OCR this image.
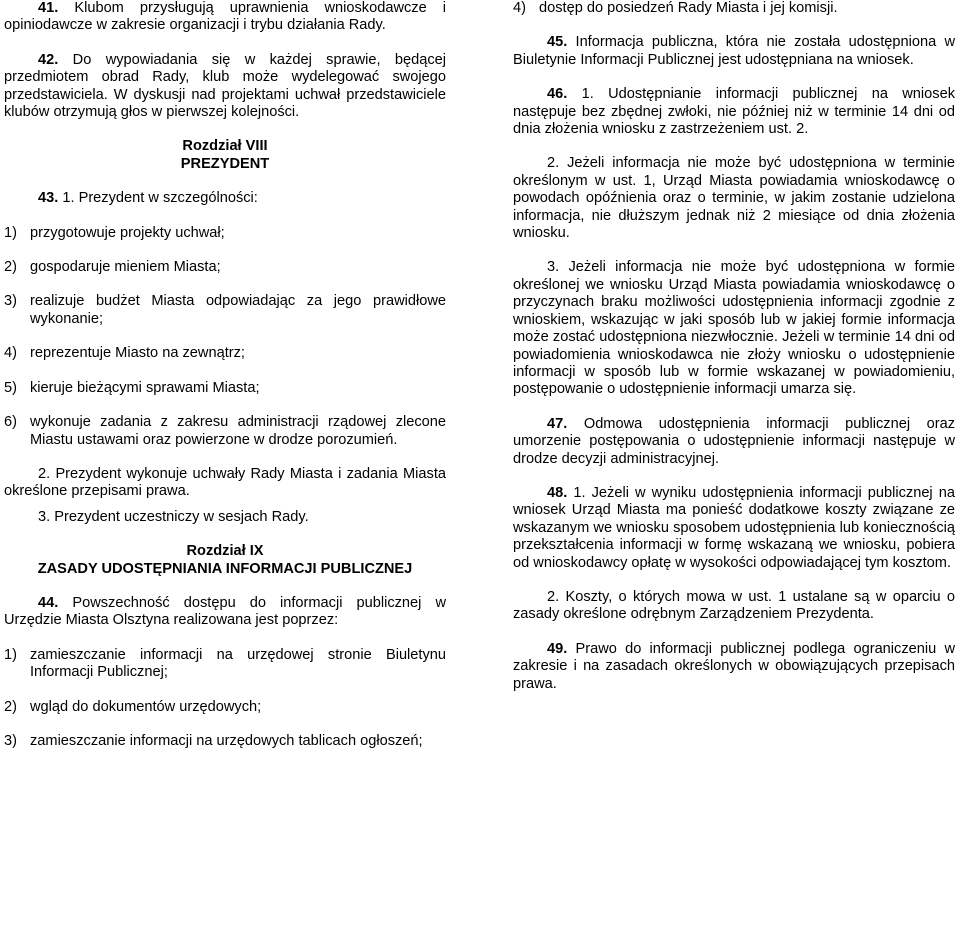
41. Klubom przysługują uprawnienia wnioskodawcze i opiniodawcze w zakresie organizacji i trybu działania Rady.

42. Do wypowiadania się w każdej sprawie, będącej przedmiotem obrad Rady, klub może wydelegować swojego przedstawiciela. W dyskusji nad projektami uchwał przedstawiciele klubów otrzymują głos w pierwszej kolejności.

Rozdział VIII

PREZYDENT

43. 1. Prezydent w szczególności:

1) przygotowuje projekty uchwał;
2) gospodaruje mieniem Miasta;
3) realizuje budżet Miasta odpowiadając za jego prawidłowe wykonanie;
4) reprezentuje Miasto na zewnątrz;
5) kieruje bieżącymi sprawami Miasta;
6) wykonuje zadania z zakresu administracji rządowej zlecone Miastu ustawami oraz powierzone w drodze porozumień.

2. Prezydent wykonuje uchwały Rady Miasta i zadania Miasta określone przepisami prawa.

3. Prezydent uczestniczy w sesjach Rady.

Rozdział IX

ZASADY UDOSTĘPNIANIA INFORMACJI PUBLICZNEJ

44. Powszechność dostępu do informacji publicznej w Urzędzie Miasta Olsztyna realizowana jest poprzez:

1) zamieszczanie informacji na urzędowej stronie Biuletynu Informacji Publicznej;
2) wgląd do dokumentów urzędowych;
3) zamieszczanie informacji na urzędowych tablicach ogłoszeń;
4) dostęp do posiedzeń Rady Miasta i jej komisji.

45. Informacja publiczna, która nie została udostępniona w Biuletynie Informacji Publicznej jest udostępniana na wniosek.

46. 1. Udostępnianie informacji publicznej na wniosek następuje bez zbędnej zwłoki, nie później niż w terminie 14 dni od dnia złożenia wniosku z zastrzeżeniem ust. 2.

2. Jeżeli informacja nie może być udostępniona w terminie określonym w ust. 1, Urząd Miasta powiadamia wnioskodawcę o powodach opóźnienia oraz o terminie, w jakim zostanie udzielona informacja, nie dłuższym jednak niż 2 miesiące od dnia złożenia wniosku.

3. Jeżeli informacja nie może być udostępniona w formie określonej we wniosku Urząd Miasta powiadamia wnioskodawcę o przyczynach braku możliwości udostępnienia informacji zgodnie z wnioskiem, wskazując w jaki sposób lub w jakiej formie informacja może zostać udostępniona niezwłocznie. Jeżeli w terminie 14 dni od powiadomienia wnioskodawca nie złoży wniosku o udostępnienie informacji w sposób lub w formie wskazanej w powiadomieniu, postępowanie o udostępnienie informacji umarza się.

47. Odmowa udostępnienia informacji publicznej oraz umorzenie postępowania o udostępnienie informacji następuje w drodze decyzji administracyjnej.

48. 1. Jeżeli w wyniku udostępnienia informacji publicznej na wniosek Urząd Miasta ma ponieść dodatkowe koszty związane ze wskazanym we wniosku sposobem udostępnienia lub koniecznością przekształcenia informacji w formę wskazaną we wniosku, pobiera od wnioskodawcy opłatę w wysokości odpowiadającej tym kosztom.

2. Koszty, o których mowa w ust. 1 ustalane są w oparciu o zasady określone odrębnym Zarządzeniem Prezydenta.

49. Prawo do informacji publicznej podlega ograniczeniu w zakresie i na zasadach określonych w obowiązujących przepisach prawa.
